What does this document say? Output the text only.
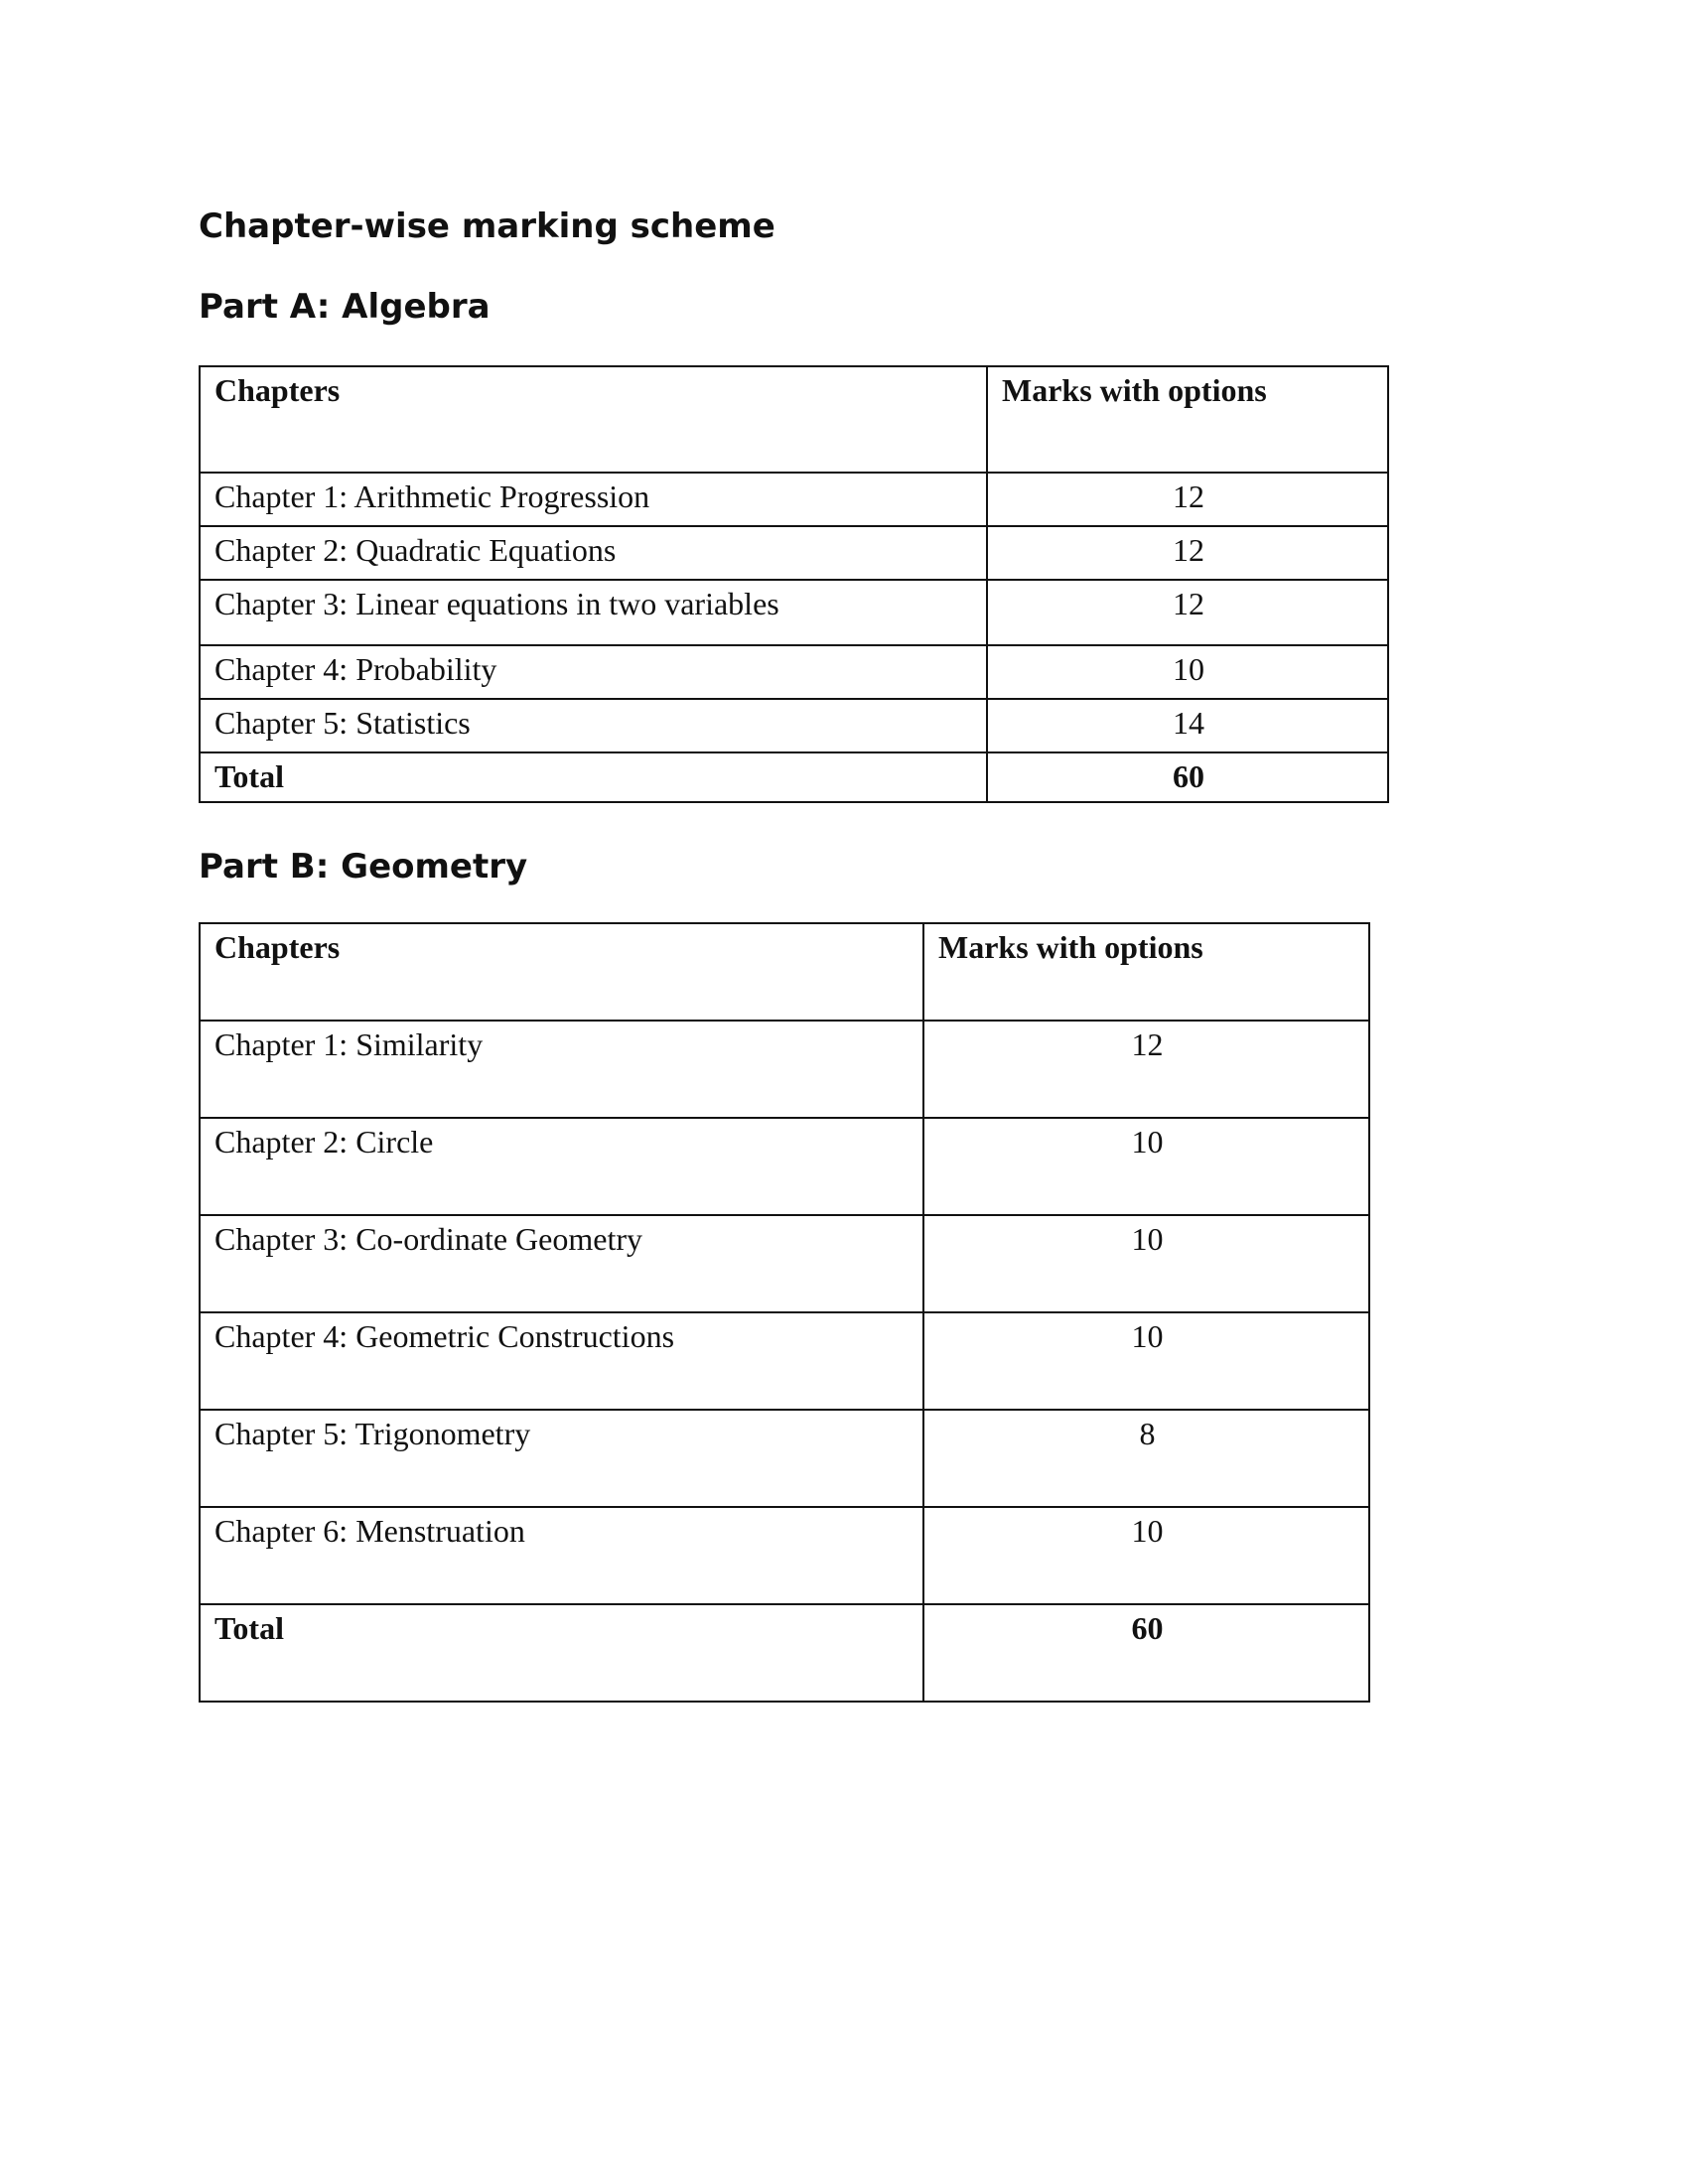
Chapter-wise marking scheme
Part A: Algebra
Chapters	Marks with options
Chapter 1: Arithmetic Progression	12
Chapter 2: Quadratic Equations	12
Chapter 3: Linear equations in two variables	12
Chapter 4: Probability	10
Chapter 5: Statistics	14
Total	60
Part B: Geometry
Chapters	Marks with options
Chapter 1: Similarity	12
Chapter 2: Circle	10
Chapter 3: Co-ordinate Geometry	10
Chapter 4: Geometric Constructions	10
Chapter 5: Trigonometry	8
Chapter 6: Menstruation	10
Total	60
